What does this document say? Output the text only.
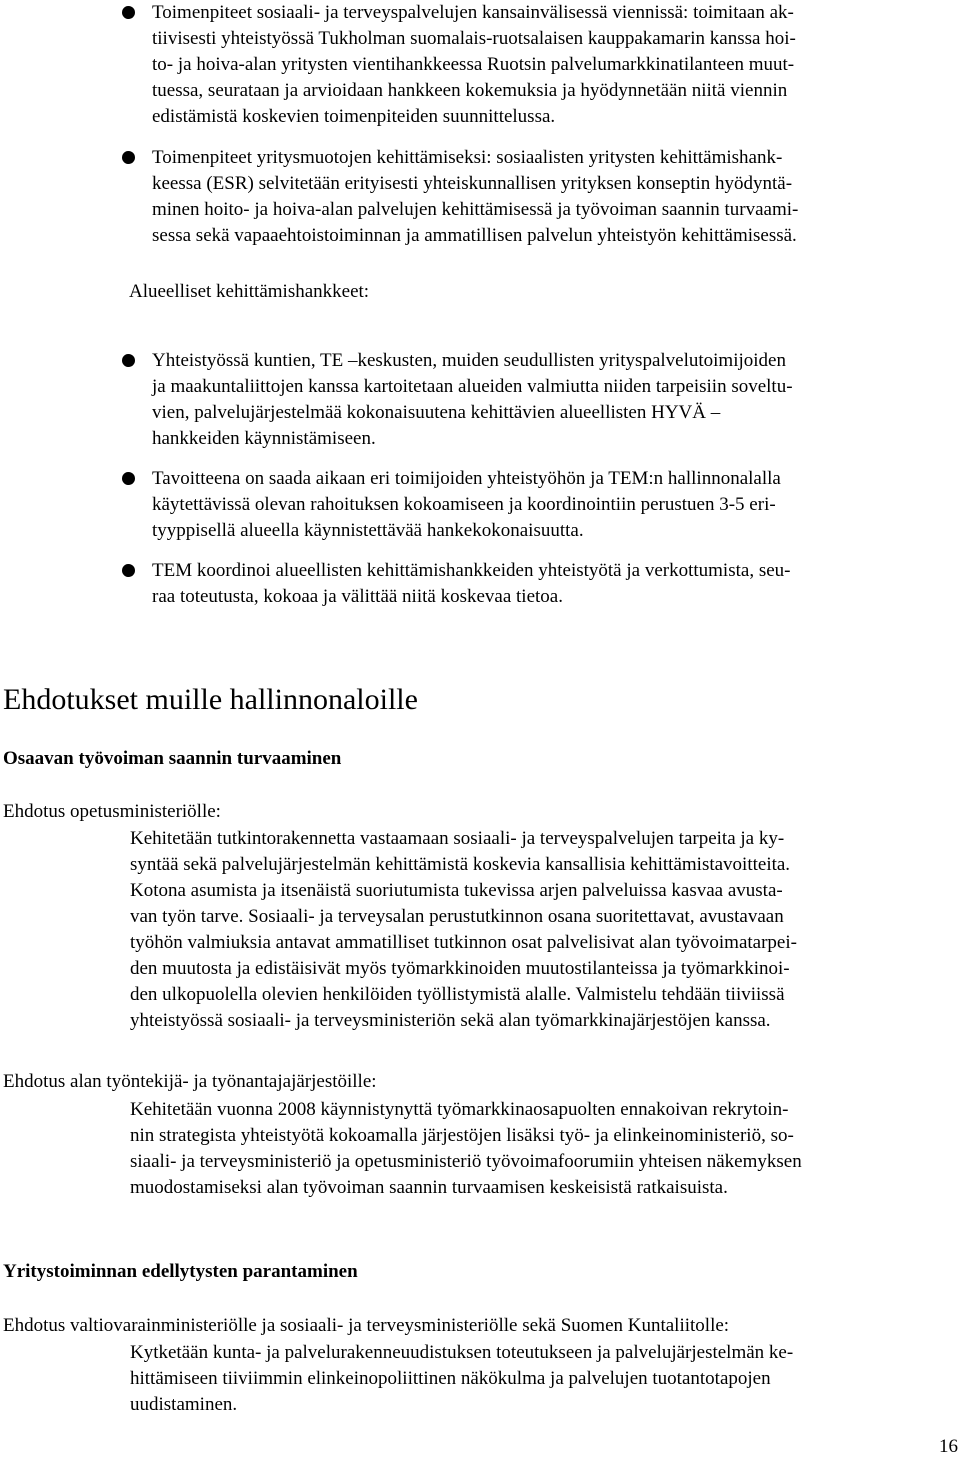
Toimenpiteet sosiaali- ja terveyspalvelujen kansainvälisessä viennissä: toimitaan ak-
tiivisesti yhteistyössä Tukholman suomalais-ruotsalaisen kauppakamarin kanssa hoi-
to- ja hoiva-alan yritysten vientihankkeessa Ruotsin palvelumarkkinatilanteen muut-
tuessa, seurataan ja arvioidaan hankkeen kokemuksia ja hyödynnetään niitä viennin
edistämistä koskevien toimenpiteiden suunnittelussa.
Toimenpiteet yritysmuotojen kehittämiseksi: sosiaalisten yritysten kehittämishank-
keessa (ESR) selvitetään erityisesti yhteiskunnallisen yrityksen konseptin hyödyntä-
minen hoito- ja hoiva-alan palvelujen kehittämisessä ja työvoiman saannin turvaami-
sessa sekä vapaaehtoistoiminnan ja ammatillisen palvelun yhteistyön kehittämisessä.
Alueelliset kehittämishankkeet:
Yhteistyössä kuntien, TE –keskusten, muiden seudullisten yrityspalvelutoimijoiden
ja maakuntaliittojen kanssa kartoitetaan alueiden valmiutta niiden tarpeisiin soveltu-
vien, palvelujärjestelmää kokonaisuutena kehittävien alueellisten HYVÄ –
hankkeiden käynnistämiseen.
Tavoitteena on saada aikaan eri toimijoiden yhteistyöhön ja TEM:n hallinnonalalla
käytettävissä olevan rahoituksen kokoamiseen ja koordinointiin perustuen 3-5 eri-
tyyppisellä alueella käynnistettävää hankekokonaisuutta.
TEM koordinoi alueellisten kehittämishankkeiden yhteistyötä ja verkottumista, seu-
raa toteutusta, kokoaa ja välittää niitä koskevaa tietoa.
Ehdotukset muille hallinnonaloille
Osaavan työvoiman saannin turvaaminen
Ehdotus opetusministeriölle:
Kehitetään tutkintorakennetta vastaamaan sosiaali- ja terveyspalvelujen tarpeita ja ky-
syntää sekä palvelujärjestelmän kehittämistä koskevia kansallisia kehittämistavoitteita.
Kotona asumista ja itsenäistä suoriutumista tukevissa arjen palveluissa kasvaa avusta-
van työn tarve. Sosiaali- ja terveysalan perustutkinnon osana suoritettavat, avustavaan
työhön valmiuksia antavat ammatilliset tutkinnon osat palvelisivat alan työvoimatarpei-
den muutosta ja edistäisivät myös työmarkkinoiden muutostilanteissa ja työmarkkinoi-
den ulkopuolella olevien henkilöiden työllistymistä alalle. Valmistelu tehdään tiiviissä
yhteistyössä sosiaali- ja terveysministeriön sekä alan työmarkkinajärjestöjen kanssa.
Ehdotus alan työntekijä- ja työnantajajärjestöille:
Kehitetään vuonna 2008 käynnistynyttä työmarkkinaosapuolten ennakoivan rekrytoin-
nin strategista yhteistyötä kokoamalla järjestöjen lisäksi työ- ja elinkeinoministeriö, so-
siaali- ja terveysministeriö ja opetusministeriö työvoimafoorumiin yhteisen näkemyksen
muodostamiseksi alan työvoiman saannin turvaamisen keskeisistä ratkaisuista.
Yritystoiminnan edellytysten parantaminen
Ehdotus valtiovarainministeriölle ja sosiaali- ja terveysministeriölle sekä Suomen Kuntaliitolle:
Kytketään kunta- ja palvelurakenneuudistuksen toteutukseen ja palvelujärjestelmän ke-
hittämiseen tiiviimmin elinkeinopoliittinen näkökulma ja palvelujen tuotantotapojen
uudistaminen.
16
